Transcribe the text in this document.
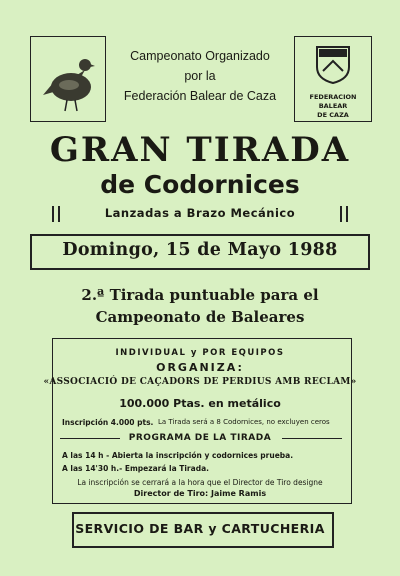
Campeonato Organizado
por la
Federación Balear de Caza	FEDERACION BALEAR
DE CAZA
GRAN TIRADA
de Codornices
Lanzadas a Brazo Mecánico
Domingo, 15 de Mayo 1988
2.ª Tirada puntuable para el
Campeonato de Baleares
INDIVIDUAL y POR EQUIPOS
ORGANIZA:
«ASSOCIACIÓ DE CAÇADORS DE PERDIUS AMB RECLAM»
100.000 Ptas. en metálico
Inscripción 4.000 pts. La Tirada será a 8 Codornices, no excluyen ceros
PROGRAMA DE LA TIRADA
A las 14 h - Abierta la inscripción y codornices prueba.
A las 14'30 h.- Empezará la Tirada.
La inscripción se cerrará a la hora que el Director de Tiro designe
Director de Tiro: Jaime Ramis
SERVICIO DE BAR y CARTUCHERIA
